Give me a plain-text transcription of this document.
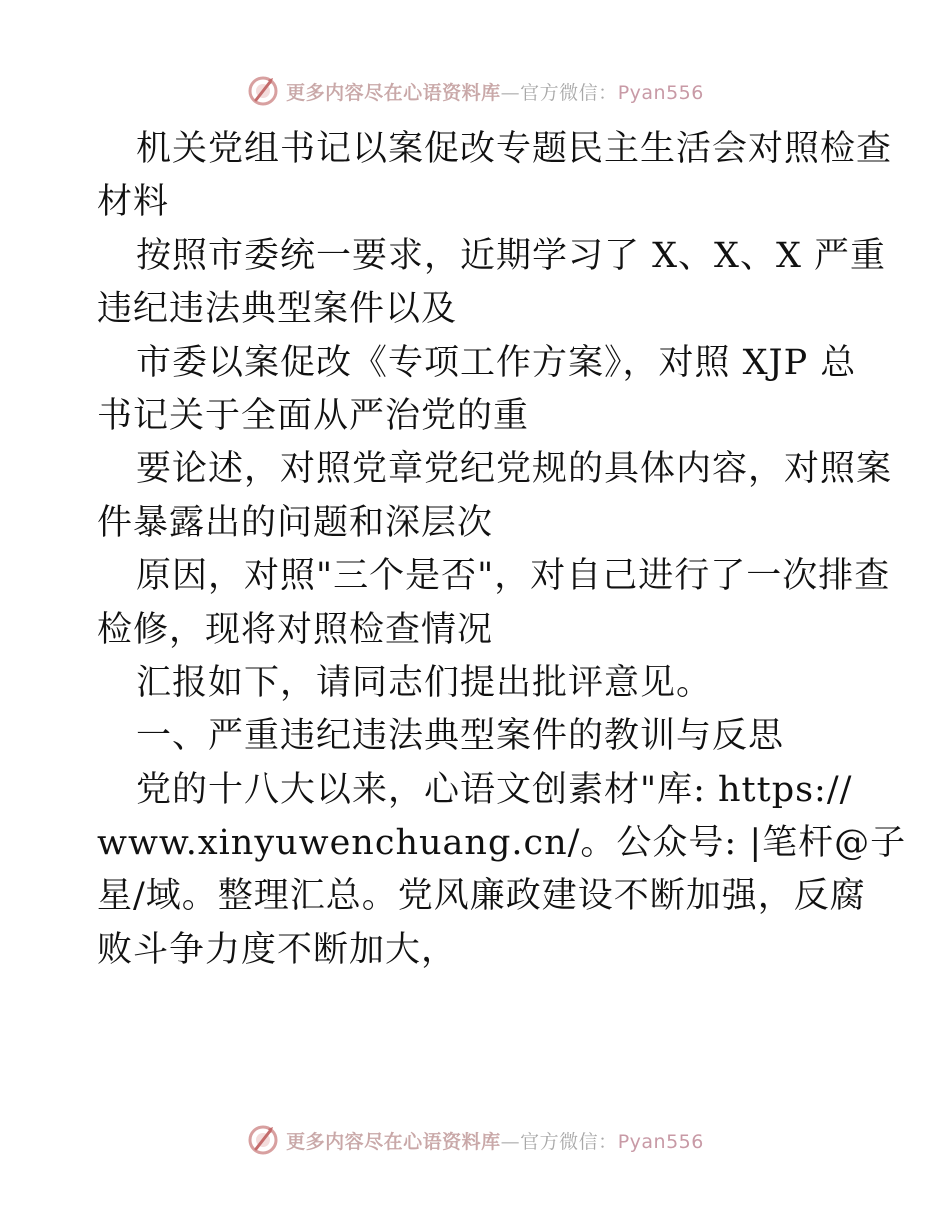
更多内容尽在心语资料库—官方微信：Pyan556
机关党组书记以案促改专题民主生活会对照检查
材料
按照市委统一要求，近期学习了 X、X、X 严重
违纪违法典型案件以及
市委以案促改《专项工作方案》，对照 XJP 总
书记关于全面从严治党的重
要论述，对照党章党纪党规的具体内容，对照案
件暴露出的问题和深层次
原因，对照"三个是否"，对自己进行了一次排查
检修，现将对照检查情况
汇报如下，请同志们提出批评意见。
一、严重违纪违法典型案件的教训与反思
党的十八大以来，心语文创素材"库: https://
www.xinyuwenchuang.cn/。公众号: |笔杆@子
星/域。整理汇总。党风廉政建设不断加强，反腐
败斗争力度不断加大，
更多内容尽在心语资料库—官方微信：Pyan556
